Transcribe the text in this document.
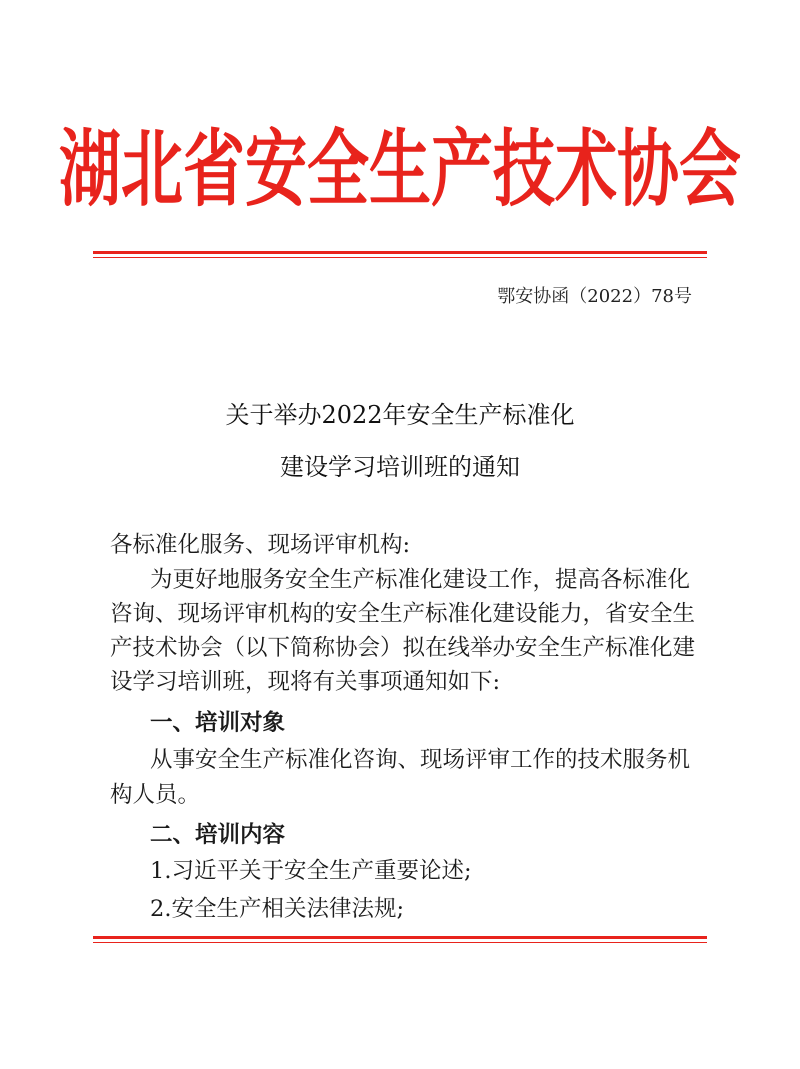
湖北省安全生产技术协会
鄂安协函（2022）78号
关于举办2022年安全生产标准化
建设学习培训班的通知
各标准化服务、现场评审机构:
为更好地服务安全生产标准化建设工作，提高各标准化
咨询、现场评审机构的安全生产标准化建设能力，省安全生
产技术协会（以下简称协会）拟在线举办安全生产标准化建
设学习培训班，现将有关事项通知如下:
一、培训对象
从事安全生产标准化咨询、现场评审工作的技术服务机
构人员。
二、培训内容
1.习近平关于安全生产重要论述;
2.安全生产相关法律法规;
